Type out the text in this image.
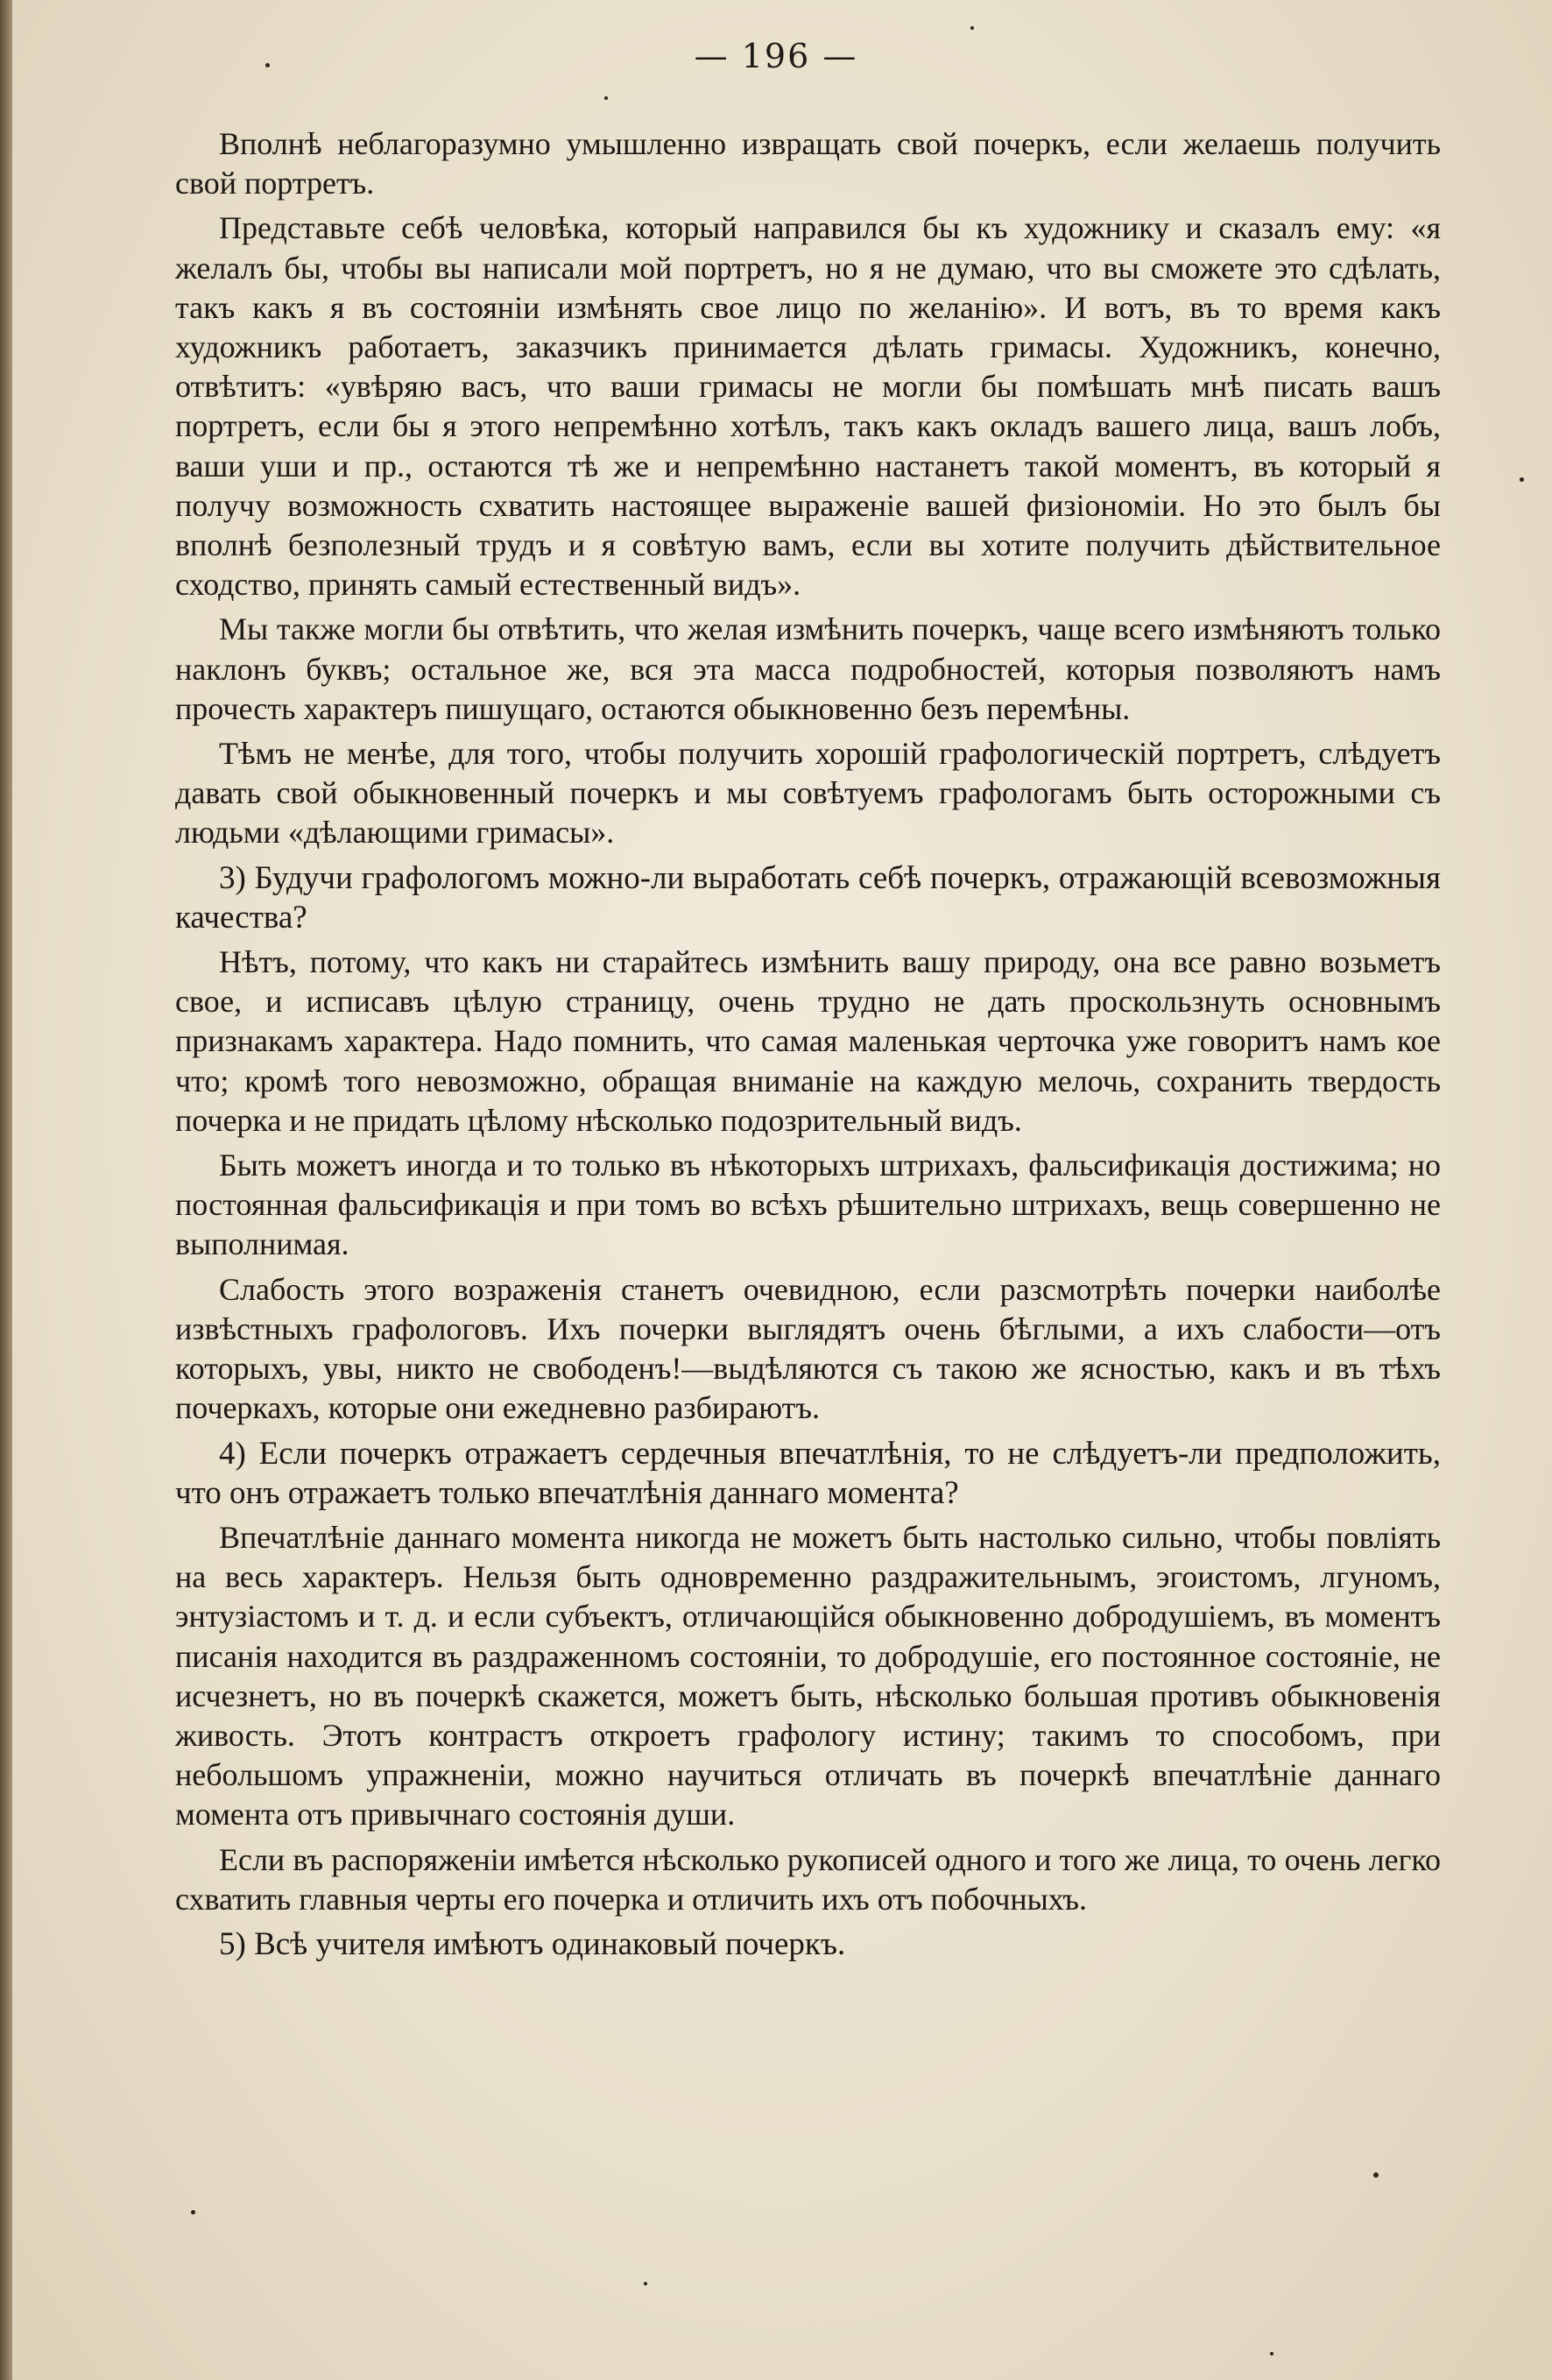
— 196 —

Вполнѣ неблагоразумно умышленно извращать свой почеркъ, если желаешь получить свой портретъ.

Представьте себѣ человѣка, который направился бы къ художнику и сказалъ ему: «я желалъ бы, чтобы вы написали мой портретъ, но я не думаю, что вы сможете это сдѣлать, такъ какъ я въ состоянiи измѣнять свое лицо по желанiю». И вотъ, въ то время какъ художникъ работаетъ, заказчикъ принимается дѣлать гримасы. Художникъ, конечно, отвѣтитъ: «увѣряю васъ, что ваши гримасы не могли бы помѣшать мнѣ писать вашъ портретъ, если бы я этого непремѣнно хотѣлъ, такъ какъ окладъ вашего лица, вашъ лобъ, ваши уши и пр., остаются тѣ же и непремѣнно настанетъ такой моментъ, въ который я получу возможность схватить настоящее выраженiе вашей физiономiи. Но это былъ бы вполнѣ безполезный трудъ и я совѣтую вамъ, если вы хотите получить дѣйствительное сходство, принять самый естественный видъ».

Мы также могли бы отвѣтить, что желая измѣнить почеркъ, чаще всего измѣняютъ только наклонъ буквъ; остальное же, вся эта масса подробностей, которыя позволяютъ намъ прочесть характеръ пишущаго, остаются обыкновенно безъ перемѣны.

Тѣмъ не менѣе, для того, чтобы получить хорошiй графологическiй портретъ, слѣдуетъ давать свой обыкновенный почеркъ и мы совѣтуемъ графологамъ быть осторожными съ людьми «дѣлающими гримасы».

3) Будучи графологомъ можно-ли выработать себѣ почеркъ, отражающiй всевозможныя качества?

Нѣтъ, потому, что какъ ни старайтесь измѣнить вашу природу, она все равно возьметъ свое, и исписавъ цѣлую страницу, очень трудно не дать проскользнуть основнымъ признакамъ характера. Надо помнить, что самая маленькая черточка уже говоритъ намъ кое что; кромѣ того невозможно, обращая вниманiе на каждую мелочь, сохранить твердость почерка и не придать цѣлому нѣсколько подозрительный видъ.

Быть можетъ иногда и то только въ нѣкоторыхъ штрихахъ, фальсификацiя достижима; но постоянная фальсификацiя и при томъ во всѣхъ рѣшительно штрихахъ, вещь совершенно не выполнимая.

Слабость этого возраженiя станетъ очевидною, если разсмотрѣть почерки наиболѣе извѣстныхъ графологовъ. Ихъ почерки выглядятъ очень бѣглыми, а ихъ слабости—отъ которыхъ, увы, никто не свободенъ!—выдѣляются съ такою же ясностью, какъ и въ тѣхъ почеркахъ, которые они ежедневно разбираютъ.

4) Если почеркъ отражаетъ сердечныя впечатлѣнiя, то не слѣдуетъ-ли предположить, что онъ отражаетъ только впечатлѣнiя даннаго момента?

Впечатлѣнiе даннаго момента никогда не можетъ быть настолько сильно, чтобы повлiять на весь характеръ. Нельзя быть одновременно раздражительнымъ, эгоистомъ, лгуномъ, энтузiастомъ и т. д. и если субъектъ, отличающiйся обыкновенно добродушiемъ, въ моментъ писанiя находится въ раздраженномъ состоянiи, то добродушiе, его постоянное состоянiе, не исчезнетъ, но въ почеркѣ скажется, можетъ быть, нѣсколько большая противъ обыкновенiя живость. Этотъ контрастъ откроетъ графологу истину; такимъ то способомъ, при небольшомъ упражненiи, можно научиться отличать въ почеркѣ впечатлѣнiе даннаго момента отъ привычнаго состоянiя души.

Если въ распоряженiи имѣется нѣсколько рукописей одного и того же лица, то очень легко схватить главныя черты его почерка и отличить ихъ отъ побочныхъ.

5) Всѣ учителя имѣютъ одинаковый почеркъ.
